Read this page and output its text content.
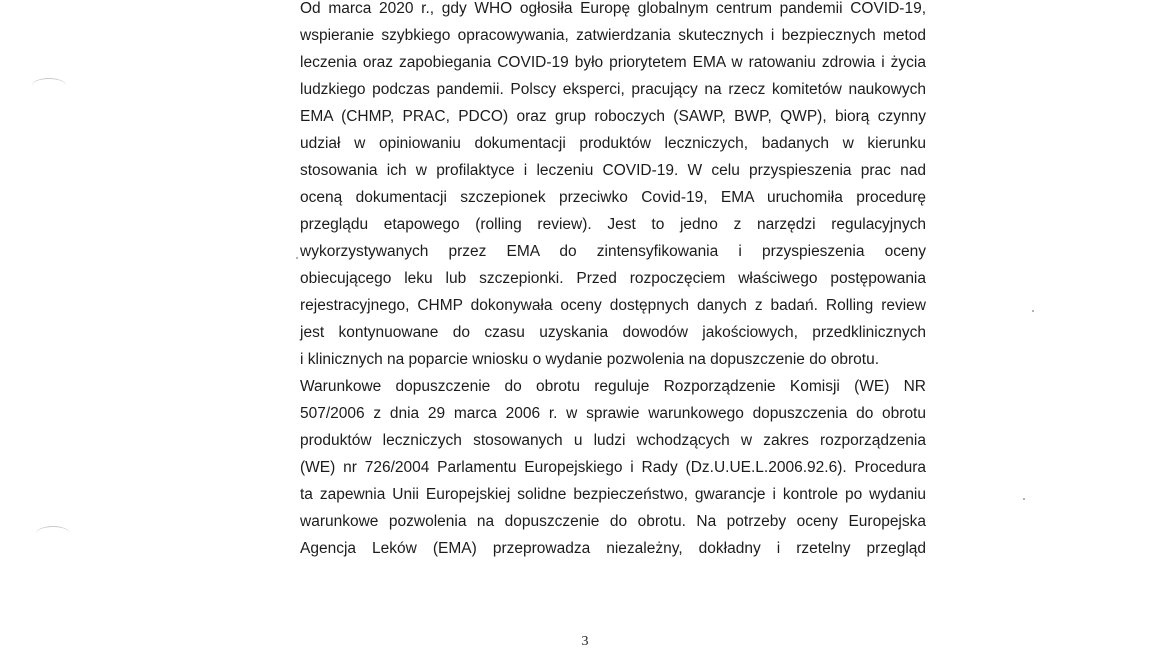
Od marca 2020 r., gdy WHO ogłosiła Europę globalnym centrum pandemii COVID-19,
wspieranie szybkiego opracowywania, zatwierdzania skutecznych i bezpiecznych metod
leczenia oraz zapobiegania COVID-19 było priorytetem EMA w ratowaniu zdrowia i życia
ludzkiego podczas pandemii. Polscy eksperci, pracujący na rzecz komitetów naukowych
EMA (CHMP, PRAC, PDCO) oraz grup roboczych (SAWP, BWP, QWP), biorą czynny
udział w opiniowaniu dokumentacji produktów leczniczych, badanych w kierunku
stosowania ich w profilaktyce i leczeniu COVID-19. W celu przyspieszenia prac nad
oceną dokumentacji szczepionek przeciwko Covid-19, EMA uruchomiła procedurę
przeglądu etapowego (rolling review). Jest to jedno z narzędzi regulacyjnych
wykorzystywanych przez EMA do zintensyfikowania i przyspieszenia oceny
obiecującego leku lub szczepionki. Przed rozpoczęciem właściwego postępowania
rejestracyjnego, CHMP dokonywała oceny dostępnych danych z badań. Rolling review
jest kontynuowane do czasu uzyskania dowodów jakościowych, przedklinicznych
i klinicznych na poparcie wniosku o wydanie pozwolenia na dopuszczenie do obrotu.
Warunkowe dopuszczenie do obrotu reguluje Rozporządzenie Komisji (WE) NR
507/2006 z dnia 29 marca 2006 r. w sprawie warunkowego dopuszczenia do obrotu
produktów leczniczych stosowanych u ludzi wchodzących w zakres rozporządzenia
(WE) nr 726/2004 Parlamentu Europejskiego i Rady (Dz.U.UE.L.2006.92.6). Procedura
ta zapewnia Unii Europejskiej solidne bezpieczeństwo, gwarancje i kontrole po wydaniu
warunkowe pozwolenia na dopuszczenie do obrotu. Na potrzeby oceny Europejska
Agencja Leków (EMA) przeprowadza niezależny, dokładny i rzetelny przegląd
3
